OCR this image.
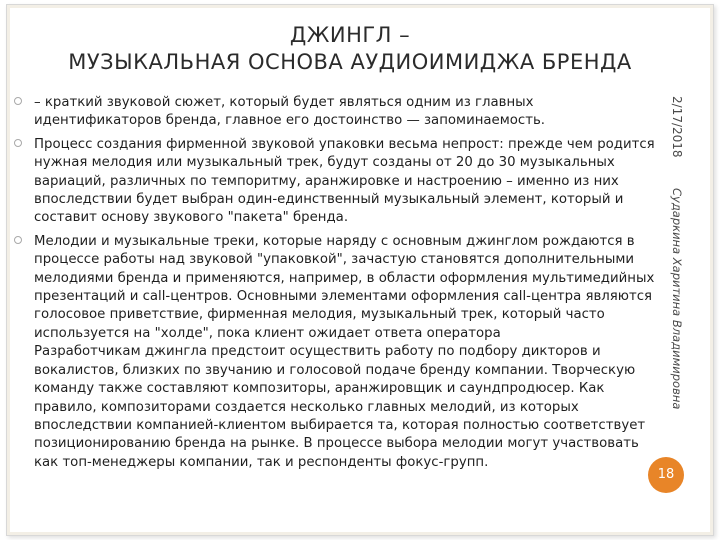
ДЖИНГЛ –
МУЗЫКАЛЬНАЯ ОСНОВА АУДИОИМИДЖА БРЕНДА

– краткий звуковой сюжет, который будет являться одним из главных идентификаторов бренда, главное его достоинство — запоминаемость.

Процесс создания фирменной звуковой упаковки весьма непрост: прежде чем родится нужная мелодия или музыкальный трек, будут созданы от 20 до 30 музыкальных вариаций, различных по темпоритму, аранжировке и настроению – именно из них впоследствии будет выбран один-единственный музыкальный элемент, который и составит основу звукового "пакета" бренда.

Мелодии и музыкальные треки, которые наряду с основным джинглом рождаются в процессе работы над звуковой "упаковкой", зачастую становятся дополнительными мелодиями бренда и применяются, например, в области оформления мультимедийных презентаций и call-центров. Основными элементами оформления call-центра являются голосовое приветствие, фирменная мелодия, музыкальный трек, который часто используется на "холде", пока клиент ожидает ответа оператора

Разработчикам джингла предстоит осуществить работу по подбору дикторов и вокалистов, близких по звучанию и голосовой подаче бренду компании. Творческую команду также составляют композиторы, аранжировщик и саундпродюсер. Как правило, композиторами создается несколько главных мелодий, из которых впоследствии компанией-клиентом выбирается та, которая полностью соответствует позиционированию бренда на рынке. В процессе выбора мелодии могут участвовать как топ-менеджеры компании, так и респонденты фокус-групп.

2/17/2018
Сударкина Харитина Владимировна
18
